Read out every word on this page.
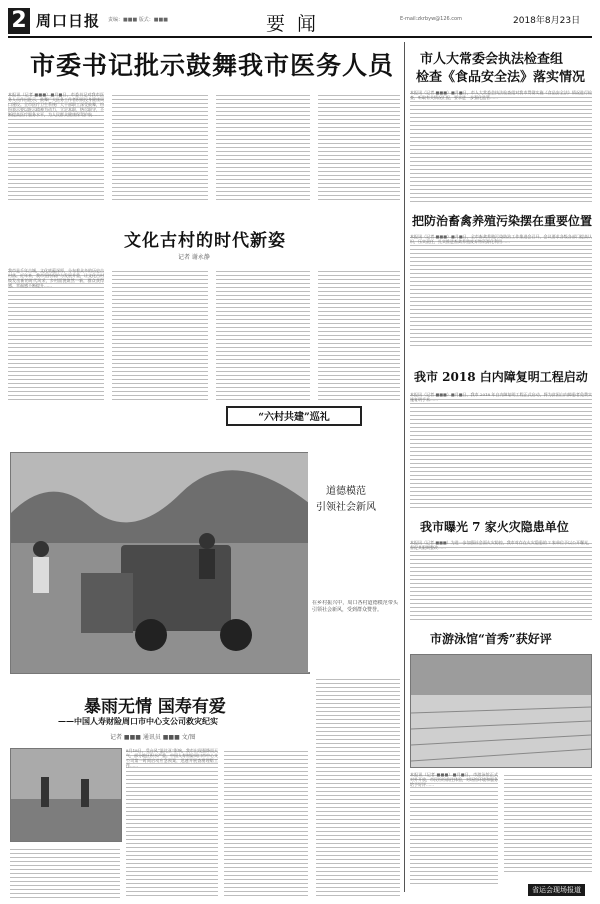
2 周口日报 责编：■■■ 版式：■■■	要 闻	E-mail:zkrbyw@126.com	2018年8月23日
市委书记批示鼓舞我市医务人员
本报讯（记者 ■■■）■月■日，市委书记对我市医务人员作出批示，鼓舞广大医务工作者积极投身健康周口建设。全市医疗卫生系统广大干部职工深受鼓舞，纷纷表示要以批示精神为动力，立足本职，恪尽职守，不断提高医疗服务水平，为人民群众健康保驾护航……
文化古村的时代新姿
记者 谢永静
我市是千年古城，文化底蕴深厚，分布着众多的历史古村落。近年来，我市坚持保护与发展并重，让文化古村焕发出新的时代风采，乡村面貌焕然一新，群众获得感、幸福感不断提升……
“六村共建”巡礼
道德模范
引领社会新风
在乡村振兴中，周口各村道德模范带头引领社会新风，受到群众赞誉。
暴雨无情 国寿有爱
——中国人寿财险周口市中心支公司救灾纪实
记者 ■■■ 通讯员 ■■■ 文/图
8月18日，受台风“温比亚”影响，我市出现强降雨天气，部分地区积水严重。中国人寿财险周口市中心支公司第一时间启动应急预案，迅速开展查勘理赔工作……
市人大常委会执法检查组
检查《食品安全法》落实情况
本报讯（记者 ■■■）■月■日，市人大常委会执法检查组对我市贯彻实施《食品安全法》情况进行检查，听取有关情况汇报，要求进一步强化监管……
把防治畜禽养殖污染摆在重要位置
本报讯（记者 ■■■）■月■日，全市畜禽养殖污染防治工作推进会召开，会议要求各级各部门提高认识，压实责任，扎实推进畜禽养殖废弃物资源化利用……
我市 2018 白内障复明工程启动
本报讯（记者 ■■■）■月■日，我市 2018 年白内障复明工程正式启动，将为贫困白内障患者免费实施复明手术……
我市曝光 7 家火灾隐患单位
本报讯（记者 ■■■）为进一步加强社会面火灾防控，我市对存在火灾隐患的 7 家单位予以公开曝光，督促其限期整改……
市游泳馆“首秀”获好评
本报讯（记者 ■■■）■月■日，市游泳馆正式对外开放，市民纷纷前往体验，对场馆环境和服务给予好评……
省运会现场报道
